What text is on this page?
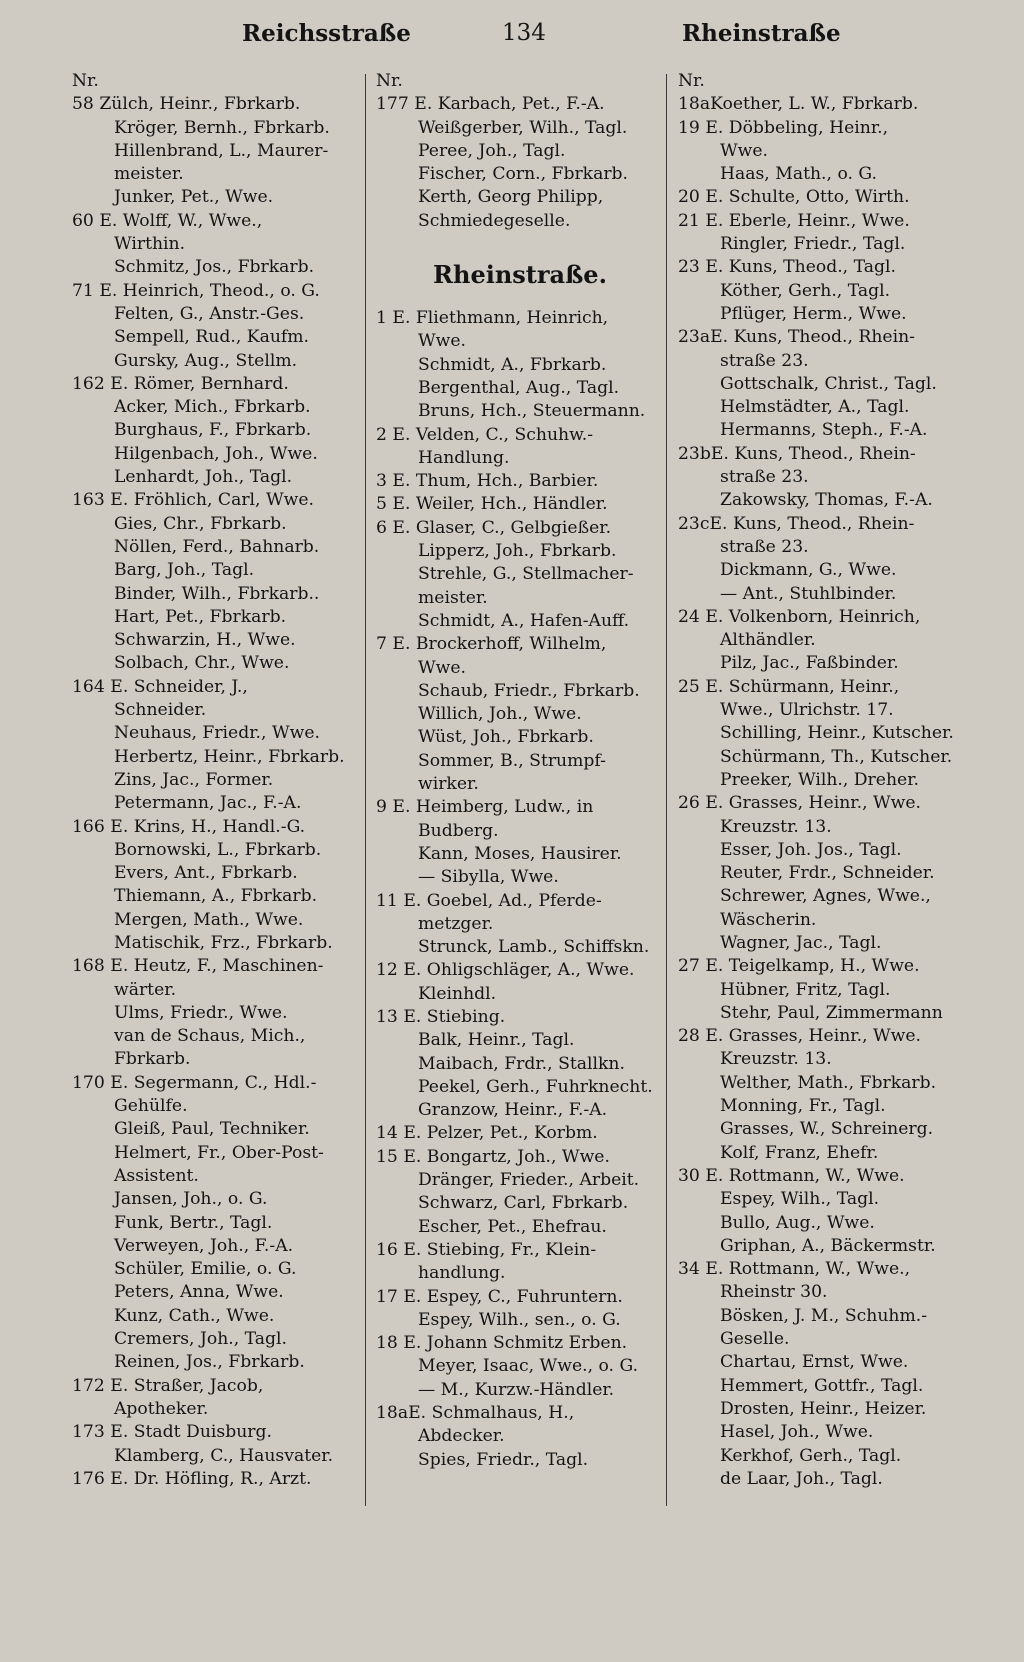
Reichsstraße	134	Rheinstraße
Nr.
58 Zülch, Heinr., Fbrkarb.
Kröger, Bernh., Fbrkarb.
Hillenbrand, L., Maurer-
meister.
Junker, Pet., Wwe.
60 E. Wolff, W., Wwe.,
Wirthin.
Schmitz, Jos., Fbrkarb.
71 E. Heinrich, Theod., o. G.
Felten, G., Anstr.-Ges.
Sempell, Rud., Kaufm.
Gursky, Aug., Stellm.
162 E. Römer, Bernhard.
Acker, Mich., Fbrkarb.
Burghaus, F., Fbrkarb.
Hilgenbach, Joh., Wwe.
Lenhardt, Joh., Tagl.
163 E. Fröhlich, Carl, Wwe.
Gies, Chr., Fbrkarb.
Nöllen, Ferd., Bahnarb.
Barg, Joh., Tagl.
Binder, Wilh., Fbrkarb..
Hart, Pet., Fbrkarb.
Schwarzin, H., Wwe.
Solbach, Chr., Wwe.
164 E. Schneider, J.,
Schneider.
Neuhaus, Friedr., Wwe.
Herbertz, Heinr., Fbrkarb.
Zins, Jac., Former.
Petermann, Jac., F.-A.
166 E. Krins, H., Handl.-G.
Bornowski, L., Fbrkarb.
Evers, Ant., Fbrkarb.
Thiemann, A., Fbrkarb.
Mergen, Math., Wwe.
Matischik, Frz., Fbrkarb.
168 E. Heutz, F., Maschinen-
wärter.
Ulms, Friedr., Wwe.
van de Schaus, Mich.,
Fbrkarb.
170 E. Segermann, C., Hdl.-
Gehülfe.
Gleiß, Paul, Techniker.
Helmert, Fr., Ober-Post-
Assistent.
Jansen, Joh., o. G.
Funk, Bertr., Tagl.
Verweyen, Joh., F.-A.
Schüler, Emilie, o. G.
Peters, Anna, Wwe.
Kunz, Cath., Wwe.
Cremers, Joh., Tagl.
Reinen, Jos., Fbrkarb.
172 E. Straßer, Jacob,
Apotheker.
173 E. Stadt Duisburg.
Klamberg, C., Hausvater.
176 E. Dr. Höfling, R., Arzt.
Nr.
177 E. Karbach, Pet., F.-A.
Weißgerber, Wilh., Tagl.
Peree, Joh., Tagl.
Fischer, Corn., Fbrkarb.
Kerth, Georg Philipp,
Schmiedegeselle.
Rheinstraße.
1 E. Fliethmann, Heinrich,
Wwe.
Schmidt, A., Fbrkarb.
Bergenthal, Aug., Tagl.
Bruns, Hch., Steuermann.
2 E. Velden, C., Schuhw.-
Handlung.
3 E. Thum, Hch., Barbier.
5 E. Weiler, Hch., Händler.
6 E. Glaser, C., Gelbgießer.
Lipperz, Joh., Fbrkarb.
Strehle, G., Stellmacher-
meister.
Schmidt, A., Hafen-Auff.
7 E. Brockerhoff, Wilhelm,
Wwe.
Schaub, Friedr., Fbrkarb.
Willich, Joh., Wwe.
Wüst, Joh., Fbrkarb.
Sommer, B., Strumpf-
wirker.
9 E. Heimberg, Ludw., in
Budberg.
Kann, Moses, Hausirer.
— Sibylla, Wwe.
11 E. Goebel, Ad., Pferde-
metzger.
Strunck, Lamb., Schiffskn.
12 E. Ohligschläger, A., Wwe.
Kleinhdl.
13 E. Stiebing.
Balk, Heinr., Tagl.
Maibach, Frdr., Stallkn.
Peekel, Gerh., Fuhrknecht.
Granzow, Heinr., F.-A.
14 E. Pelzer, Pet., Korbm.
15 E. Bongartz, Joh., Wwe.
Dränger, Frieder., Arbeit.
Schwarz, Carl, Fbrkarb.
Escher, Pet., Ehefrau.
16 E. Stiebing, Fr., Klein-
handlung.
17 E. Espey, C., Fuhruntern.
Espey, Wilh., sen., o. G.
18 E. Johann Schmitz Erben.
Meyer, Isaac, Wwe., o. G.
— M., Kurzw.-Händler.
18aE. Schmalhaus, H.,
Abdecker.
Spies, Friedr., Tagl.
Nr.
18aKoether, L. W., Fbrkarb.
19 E. Döbbeling, Heinr.,
Wwe.
Haas, Math., o. G.
20 E. Schulte, Otto, Wirth.
21 E. Eberle, Heinr., Wwe.
Ringler, Friedr., Tagl.
23 E. Kuns, Theod., Tagl.
Köther, Gerh., Tagl.
Pflüger, Herm., Wwe.
23aE. Kuns, Theod., Rhein-
straße 23.
Gottschalk, Christ., Tagl.
Helmstädter, A., Tagl.
Hermanns, Steph., F.-A.
23bE. Kuns, Theod., Rhein-
straße 23.
Zakowsky, Thomas, F.-A.
23cE. Kuns, Theod., Rhein-
straße 23.
Dickmann, G., Wwe.
— Ant., Stuhlbinder.
24 E. Volkenborn, Heinrich,
Althändler.
Pilz, Jac., Faßbinder.
25 E. Schürmann, Heinr.,
Wwe., Ulrichstr. 17.
Schilling, Heinr., Kutscher.
Schürmann, Th., Kutscher.
Preeker, Wilh., Dreher.
26 E. Grasses, Heinr., Wwe.
Kreuzstr. 13.
Esser, Joh. Jos., Tagl.
Reuter, Frdr., Schneider.
Schrewer, Agnes, Wwe.,
Wäscherin.
Wagner, Jac., Tagl.
27 E. Teigelkamp, H., Wwe.
Hübner, Fritz, Tagl.
Stehr, Paul, Zimmermann
28 E. Grasses, Heinr., Wwe.
Kreuzstr. 13.
Welther, Math., Fbrkarb.
Monning, Fr., Tagl.
Grasses, W., Schreinerg.
Kolf, Franz, Ehefr.
30 E. Rottmann, W., Wwe.
Espey, Wilh., Tagl.
Bullo, Aug., Wwe.
Griphan, A., Bäckermstr.
34 E. Rottmann, W., Wwe.,
Rheinstr 30.
Bösken, J. M., Schuhm.-
Geselle.
Chartau, Ernst, Wwe.
Hemmert, Gottfr., Tagl.
Drosten, Heinr., Heizer.
Hasel, Joh., Wwe.
Kerkhof, Gerh., Tagl.
de Laar, Joh., Tagl.
